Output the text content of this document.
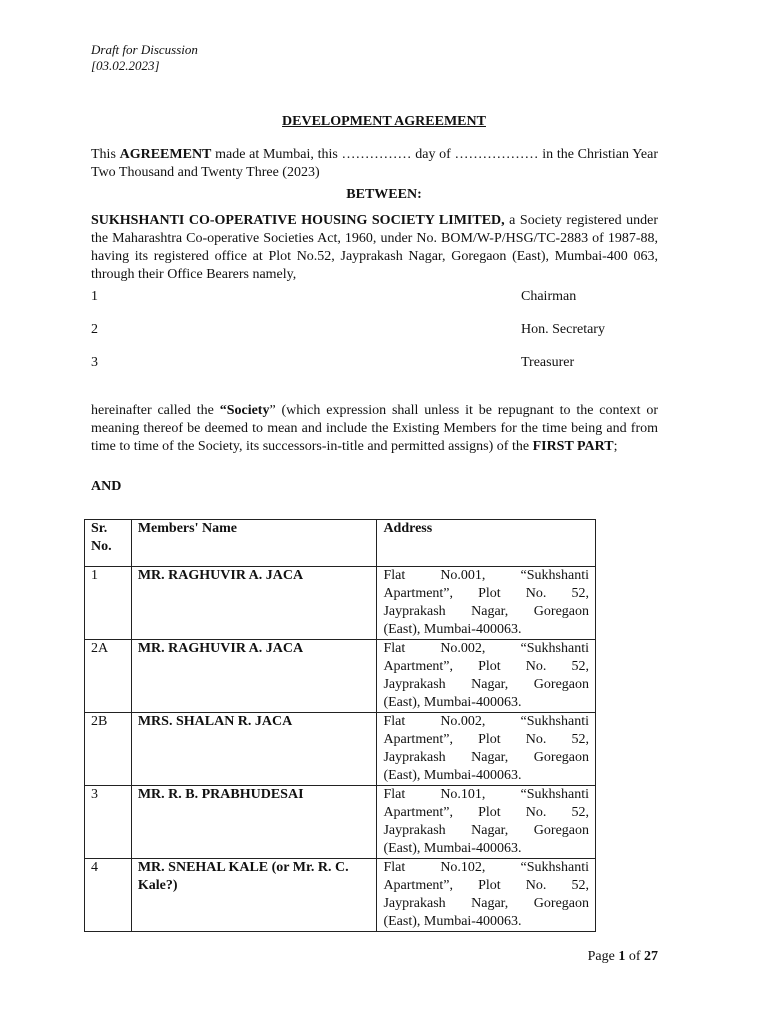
Draft for Discussion
[03.02.2023]
DEVELOPMENT AGREEMENT
This AGREEMENT made at Mumbai, this …………… day of ……………… in the Christian Year Two Thousand and Twenty Three (2023)
BETWEEN:
SUKHSHANTI CO-OPERATIVE HOUSING SOCIETY LIMITED, a Society registered under the Maharashtra Co-operative Societies Act, 1960, under No. BOM/W-P/HSG/TC-2883 of 1987-88, having its registered office at Plot No.52, Jayprakash Nagar, Goregaon (East), Mumbai-400 063, through their Office Bearers namely,
1	Chairman
2	Hon. Secretary
3	Treasurer
hereinafter called the “Society” (which expression shall unless it be repugnant to the context or meaning thereof be deemed to mean and include the Existing Members for the time being and from time to time of the Society, its successors-in-title and permitted assigns) of the FIRST PART;
AND
Sr.
No.	Members' Name	Address

1	MR. RAGHUVIR A. JACA	Flat No.001, “Sukhshanti
Apartment”, Plot No. 52,
Jayprakash Nagar, Goregaon
(East), Mumbai-400063.

2A	MR. RAGHUVIR A. JACA	Flat No.002, “Sukhshanti
Apartment”, Plot No. 52,
Jayprakash Nagar, Goregaon
(East), Mumbai-400063.

2B	MRS. SHALAN R. JACA	Flat No.002, “Sukhshanti
Apartment”, Plot No. 52,
Jayprakash Nagar, Goregaon
(East), Mumbai-400063.

3	MR. R. B. PRABHUDESAI	Flat No.101, “Sukhshanti
Apartment”, Plot No. 52,
Jayprakash Nagar, Goregaon
(East), Mumbai-400063.

4	MR. SNEHAL KALE (or Mr. R. C. Kale?)	Flat No.102, “Sukhshanti
Apartment”, Plot No. 52,
Jayprakash Nagar, Goregaon
(East), Mumbai-400063.
Page 1 of 27
